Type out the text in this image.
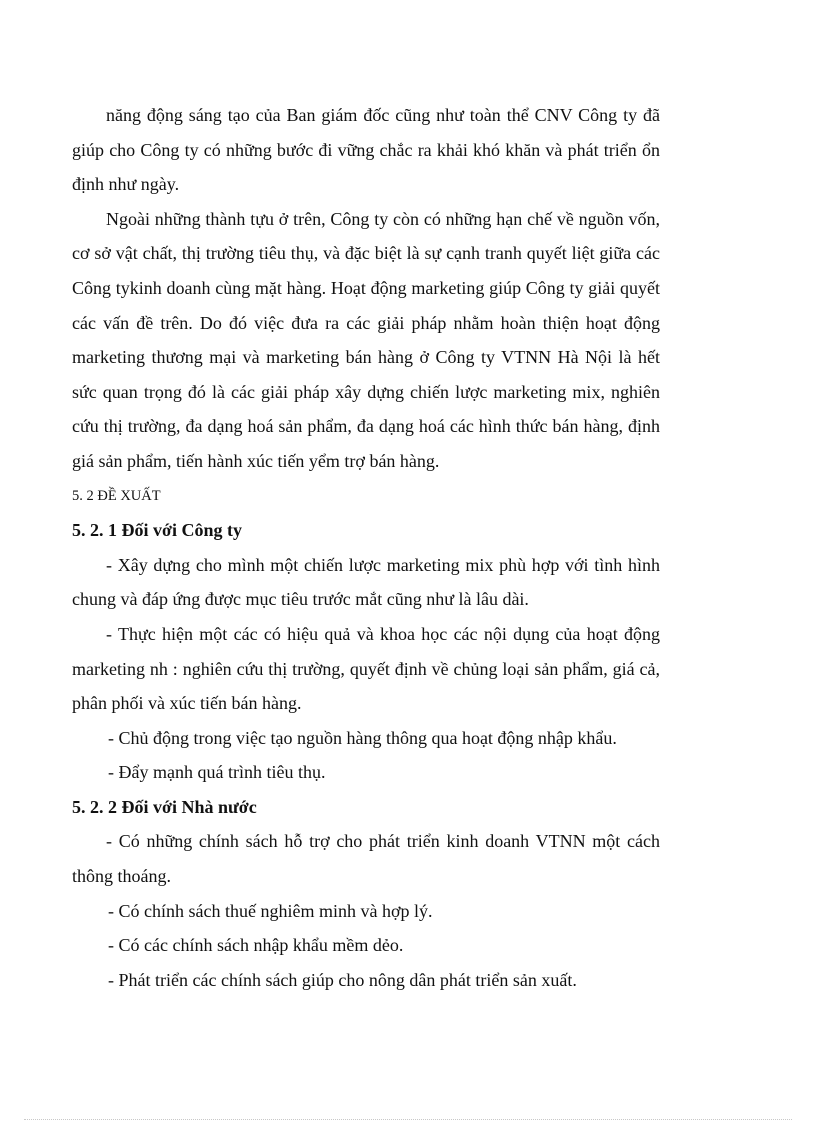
năng động sáng tạo của Ban giám đốc cũng như toàn thể CNV Công ty đã giúp cho Công ty có những bước đi vững chắc ra khải khó khăn và phát triển ổn định như ngày.

Ngoài những thành tựu ở trên, Công ty còn có những hạn chế về nguồn vốn, cơ sở vật chất, thị trường tiêu thụ, và đặc biệt là sự cạnh tranh quyết liệt giữa các Công tykinh doanh cùng mặt hàng. Hoạt động marketing giúp Công ty giải quyết các vấn đề trên. Do đó việc đưa ra các giải pháp nhằm hoàn thiện hoạt động marketing thương mại và marketing bán hàng ở Công ty VTNN Hà Nội là hết sức quan trọng đó là các giải pháp xây dựng chiến lược marketing mix, nghiên cứu thị trường, đa dạng hoá sản phẩm, đa dạng hoá các hình thức bán hàng, định giá sản phẩm, tiến hành xúc tiến yểm trợ bán hàng.

5. 2 ĐỀ XUẤT

5. 2. 1 Đối với Công ty

- Xây dựng cho mình một chiến lược marketing mix phù hợp với tình hình chung và đáp ứng được mục tiêu trước mắt cũng như là lâu dài.

- Thực hiện một các có hiệu quả và khoa học các nội dụng của hoạt động marketing nh : nghiên cứu thị trường, quyết định về chủng loại sản phẩm, giá cả, phân phối và xúc tiến bán hàng.

- Chủ động trong việc tạo nguồn hàng thông qua hoạt động nhập khẩu.

- Đẩy mạnh quá trình tiêu thụ.

5. 2. 2 Đối với Nhà nước

- Có những chính sách hỗ trợ cho phát triển kinh doanh VTNN một cách thông thoáng.

- Có chính sách thuế nghiêm minh và hợp lý.

- Có các chính sách nhập khẩu mềm dẻo.

- Phát triển các chính sách giúp cho nông dân phát triển sản xuất.
